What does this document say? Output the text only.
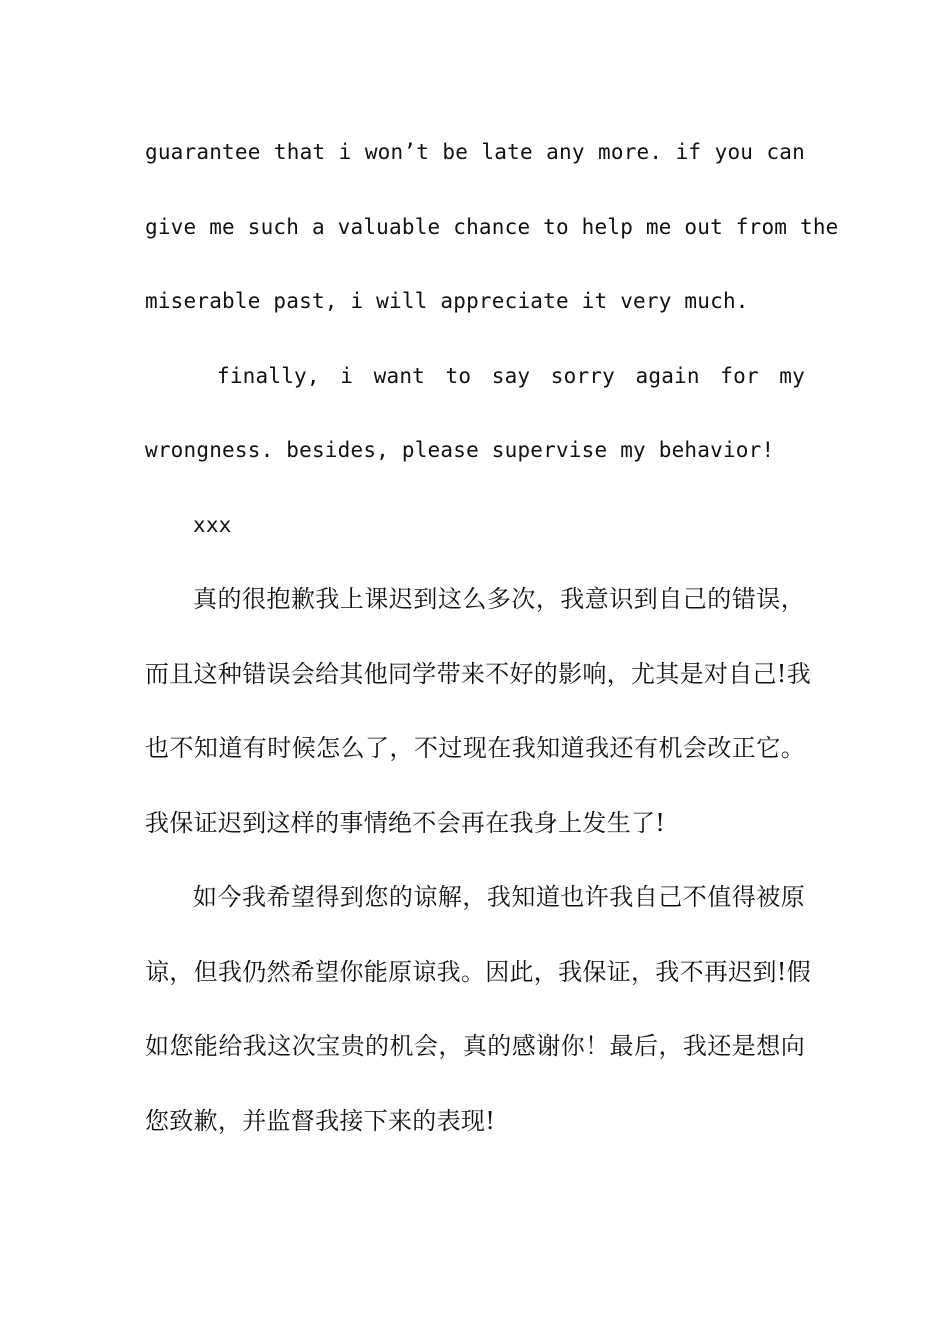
guarantee that i won’t be late any more. if you can
give me such a valuable chance to help me out from the
miserable past, i will appreciate it very much.
finally, i want to say sorry again for my
wrongness. besides, please supervise my behavior!
xxx
真的很抱歉我上课迟到这么多次，我意识到自己的错误，
而且这种错误会给其他同学带来不好的影响，尤其是对自己!我
也不知道有时候怎么了，不过现在我知道我还有机会改正它。
我保证迟到这样的事情绝不会再在我身上发生了!
如今我希望得到您的谅解，我知道也许我自己不值得被原
谅，但我仍然希望你能原谅我。因此，我保证，我不再迟到!假
如您能给我这次宝贵的机会，真的感谢你！最后，我还是想向
您致歉，并监督我接下来的表现!
